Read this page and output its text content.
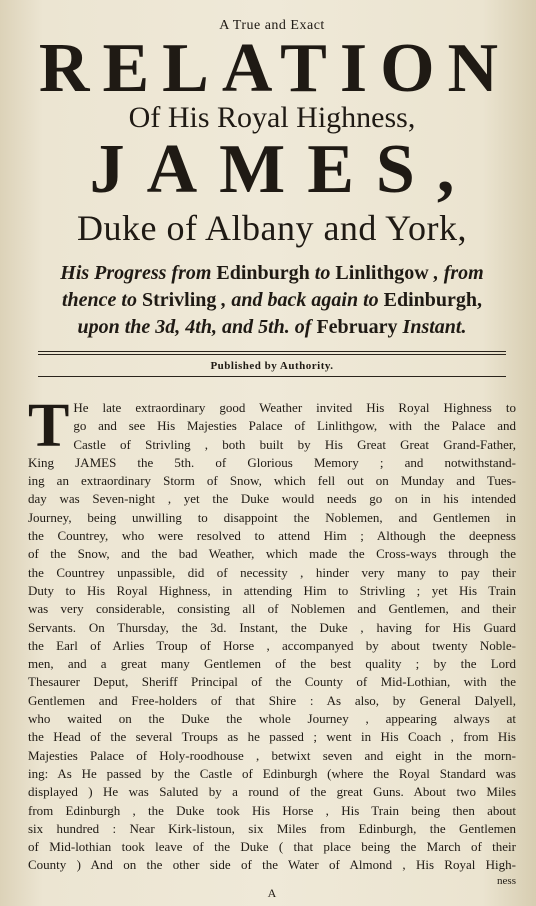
A True and Exact
RELATION
Of His Royal Highness,
JAMES,
Duke of Albany and York,
His Progress from Edinburgh to Linlithgow , from
thence to Strivling , and back again to Edinburgh,
upon the 3d, 4th, and 5th. of February Instant.
Published by Authority.
T He late extraordinary good Weather invited His Royal Highness to
go and see His Majesties Palace of Linlithgow, with the Palace and
Castle of Strivling , both built by His Great Great Grand-Father,
King JAMES the 5th. of Glorious Memory ; and notwithstand-
ing an extraordinary Storm of Snow, which fell out on Munday and Tues-
day was Seven-night , yet the Duke would needs go on in his intended
Journey, being unwilling to disappoint the Noblemen, and Gentlemen in
the Countrey, who were resolved to attend Him ; Although the deepness
of the Snow, and the bad Weather, which made the Cross-ways through the
the Countrey unpassible, did of necessity , hinder very many to pay their
Duty to His Royal Highness, in attending Him to Strivling ; yet His Train
was very considerable, consisting all of Noblemen and Gentlemen, and their
Servants. On Thursday, the 3d. Instant, the Duke , having for His Guard
the Earl of Arlies Troup of Horse , accompanyed by about twenty Noble-
men, and a great many Gentlemen of the best quality ; by the Lord
Thesaurer Deput, Sheriff Principal of the County of Mid-Lothian, with the
Gentlemen and Free-holders of that Shire : As also, by General Dalyell,
who waited on the Duke the whole Journey , appearing always at
the Head of the several Troups as he passed ; went in His Coach , from His
Majesties Palace of Holy-roodhouse , betwixt seven and eight in the morn-
ing: As He passed by the Castle of Edinburgh (where the Royal Standard was
displayed ) He was Saluted by a round of the great Guns. About two Miles
from Edinburgh , the Duke took His Horse , His Train being then about
six hundred : Near Kirk-listoun, six Miles from Edinburgh, the Gentlemen
of Mid-lothian took leave of the Duke ( that place being the March of their
County ) And on the other side of the Water of Almond , His Royal High-
ness
A
